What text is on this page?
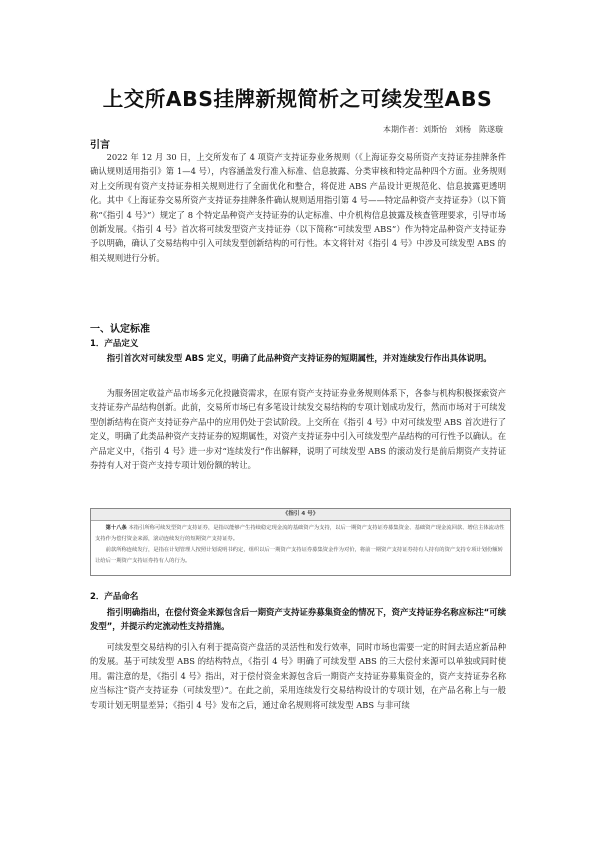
上交所ABS挂牌新规简析之可续发型ABS
本期作者：刘斯怡　刘杨　陈遂璇
引言

2022 年 12 月 30 日，上交所发布了 4 项资产支持证券业务规则（《上海证券交易所资产支持证券挂牌条件确认规则适用指引》第 1—4 号），内容涵盖发行准入标准、信息披露、分类审核和特定品种四个方面。业务规则对上交所现有资产支持证券相关规则进行了全面优化和整合，将促进 ABS 产品设计更规范化、信息披露更透明化。其中《上海证券交易所资产支持证券挂牌条件确认规则适用指引第 4 号——特定品种资产支持证券》（以下简称“《指引 4 号》”）规定了 8 个特定品种资产支持证券的认定标准、中介机构信息披露及核查管理要求，引导市场创新发展。《指引 4 号》首次将可续发型资产支持证券（以下简称“可续发型 ABS”）作为特定品种资产支持证券予以明确，确认了交易结构中引入可续发型创新结构的可行性。本文将针对《指引 4 号》中涉及可续发型 ABS 的相关规则进行分析。

一、认定标准
1．产品定义

指引首次对可续发型 ABS 定义，明确了此品种资产支持证券的短期属性，并对连续发行作出具体说明。

为服务固定收益产品市场多元化投融资需求，在原有资产支持证券业务规则体系下，各参与机构积极探索资产支持证券产品结构创新。此前，交易所市场已有多笔设计续发交易结构的专项计划成功发行，然而市场对于可续发型创新结构在资产支持证券产品中的应用仍处于尝试阶段。上交所在《指引 4 号》中对可续发型 ABS 首次进行了定义，明确了此类品种资产支持证券的短期属性，对资产支持证券中引入可续发型产品结构的可行性予以确认。在产品定义中，《指引 4 号》进一步对“连续发行”作出解释，说明了可续发型 ABS 的滚动发行是前后期资产支持证券持有人对于资产支持专项计划份额的转让。

《指引 4 号》

第十八条 本指引所称可续发型资产支持证券，是指以能够产生持续稳定现金流的基础资产为支持，以后一期资产支持证券募集资金、基础资产现金流回款、增信主体流动性支持作为偿付资金来源，滚动连续发行的短期资产支持证券。

前款所称连续发行，是指在计划管理人按照计划说明书约定，组织以后一期资产支持证券募集资金作为对价，将前一期资产支持证券持有人持有的资产支持专项计划份额转让给后一期资产支持证券持有人的行为。

2．产品命名

指引明确指出，在偿付资金来源包含后一期资产支持证券募集资金的情况下，资产支持证券名称应标注“可续发型”，并提示约定流动性支持措施。

可续发型交易结构的引入有利于提高资产盘活的灵活性和发行效率，同时市场也需要一定的时间去适应新品种的发展。基于可续发型 ABS 的结构特点，《指引 4 号》明确了可续发型 ABS 的三大偿付来源可以单独或同时使用。需注意的是，《指引 4 号》指出，对于偿付资金来源包含后一期资产支持证券募集资金的，资产支持证券名称应当标注“资产支持证券（可续发型）”。在此之前，采用连续发行交易结构设计的专项计划，在产品名称上与一般专项计划无明显差异；《指引 4 号》发布之后，通过命名规则将可续发型 ABS 与非可续
